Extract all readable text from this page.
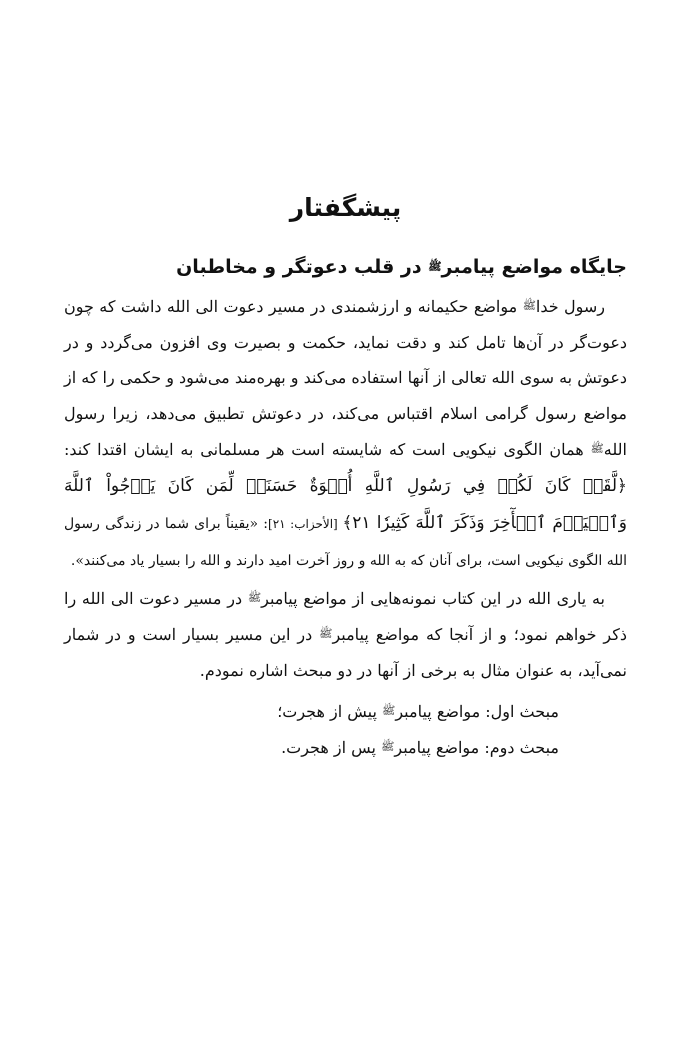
پیشگفتار
جایگاه مواضع پیامبرﷺ در قلب دعوتگر و مخاطبان

رسول خداﷺ مواضع حکیمانه و ارزشمندی در مسیر دعوت الی الله داشت که چون دعوت‌گر در آن‌ها تامل کند و دقت نماید، حکمت و بصیرت وی افزون می‌گردد و در دعوتش به سوی الله تعالی از آنها استفاده می‌کند و بهره‌مند می‌شود و حکمی را که از مواضع رسول گرامی اسلام اقتباس می‌کند، در دعوتش تطبیق می‌دهد، زیرا رسول اللهﷺ همان الگوی نیکویی است که شایسته است هر مسلمانی به ایشان اقتدا کند: ﴿لَّقَدۡ كَانَ لَكُمۡ فِي رَسُولِ ٱللَّهِ أُسۡوَةٌ حَسَنَةٞ لِّمَن كَانَ يَرۡجُواْ ٱللَّهَ وَٱلۡيَوۡمَ ٱلۡأٓخِرَ وَذَكَرَ ٱللَّهَ كَثِيرٗا ٢١﴾ [الأحزاب: ۲۱]: «یقیناً برای شما در زندگی رسول الله الگوی نیکویی است، برای آنان که به الله و روز آخرت امید دارند و الله را بسیار یاد می‌کنند».

به یاری الله در این کتاب نمونه‌هایی از مواضع پیامبرﷺ در مسیر دعوت الی الله را ذکر خواهم نمود؛ و از آنجا که مواضع پیامبرﷺ در این مسیر بسیار است و در شمار نمی‌آید، به عنوان مثال به برخی از آنها در دو مبحث اشاره نمودم.

مبحث اول: مواضع پیامبرﷺ پیش از هجرت؛
مبحث دوم: مواضع پیامبرﷺ پس از هجرت.
